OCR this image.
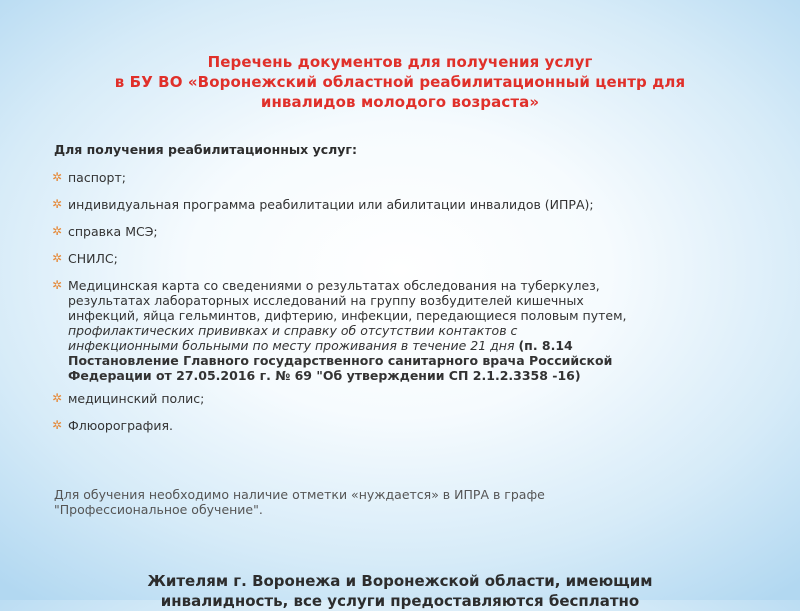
Перечень документов для получения услуг
в БУ ВО «Воронежский областной реабилитационный центр для
инвалидов молодого возраста»
Для получения реабилитационных услуг:
✲ паспорт;
✲ индивидуальная программа реабилитации или абилитации инвалидов (ИПРА);
✲ справка МСЭ;
✲ СНИЛС;
✲ Медицинская карта со сведениями о результатах обследования на туберкулез,
результатах лабораторных исследований на группу возбудителей кишечных
инфекций, яйца гельминтов, дифтерию, инфекции, передающиеся половым путем,
профилактических прививках и справку об отсутствии контактов с
инфекционными больными по месту проживания в течение 21 дня (п. 8.14
Постановление Главного государственного санитарного врача Российской
Федерации от 27.05.2016 г. № 69 "Об утверждении СП 2.1.2.3358 -16)
✲ медицинский полис;
✲ Флюорография.
Для обучения необходимо наличие отметки «нуждается» в ИПРА в графе
"Профессиональное обучение".
Жителям г. Воронежа и Воронежской области, имеющим
инвалидность, все услуги предоставляются бесплатно
